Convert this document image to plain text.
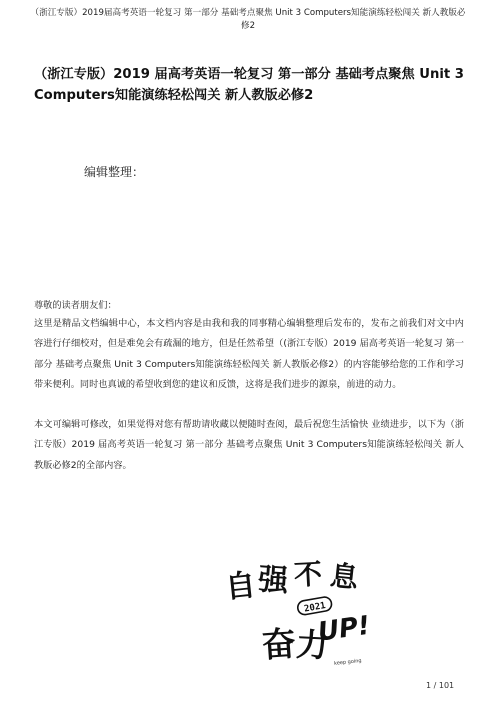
（浙江专版）2019届高考英语一轮复习 第一部分 基础考点聚焦 Unit 3 Computers知能演练轻松闯关 新人教版必修2
（浙江专版）2019 届高考英语一轮复习 第一部分 基础考点聚焦 Unit 3 Computers知能演练轻松闯关 新人教版必修2
编辑整理：
尊敬的读者朋友们：

这里是精品文档编辑中心，本文档内容是由我和我的同事精心编辑整理后发布的，发布之前我们对文中内容进行仔细校对，但是难免会有疏漏的地方，但是任然希望（(浙江专版）2019 届高考英语一轮复习 第一部分 基础考点聚焦 Unit 3 Computers知能演练轻松闯关 新人教版必修2）的内容能够给您的工作和学习带来便利。同时也真诚的希望收到您的建议和反馈，这将是我们进步的源泉，前进的动力。

本文可编辑可修改，如果觉得对您有帮助请收藏以便随时查阅，最后祝您生活愉快 业绩进步，以下为（浙江专版）2019 届高考英语一轮复习 第一部分 基础考点聚焦 Unit 3 Computers知能演练轻松闯关 新人教版必修2的全部内容。

自 强 不 息
奋
力
UP!
2021
keep going
1 / 101
